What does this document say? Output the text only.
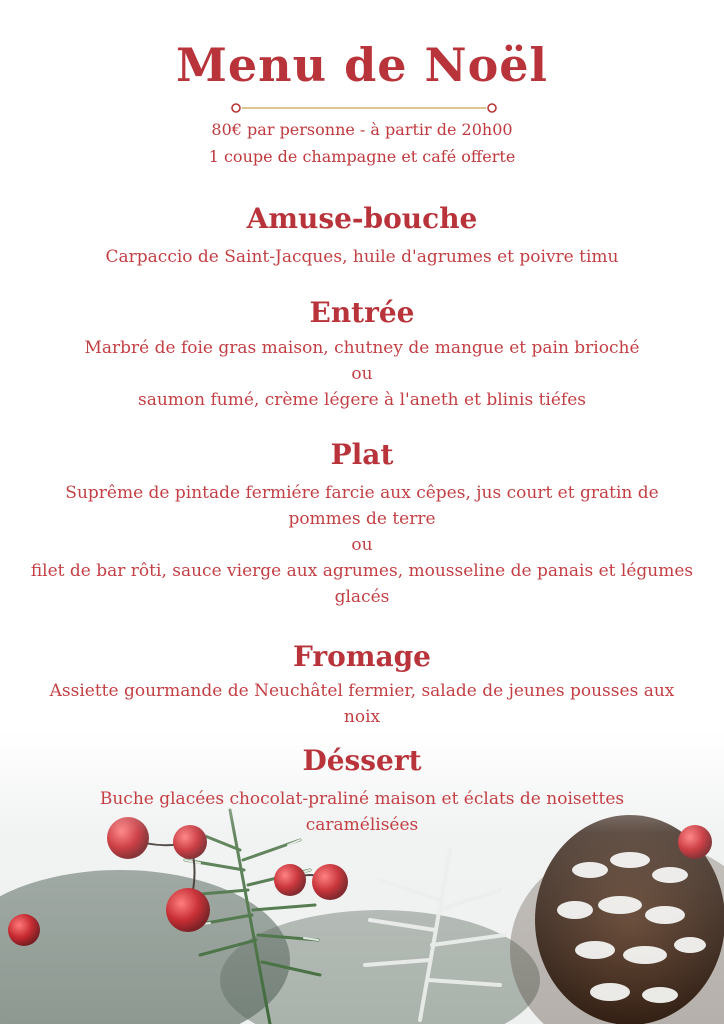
Menu de Noël
80€ par personne - à partir de 20h00
1 coupe de champagne et café offerte
Amuse-bouche
Carpaccio de Saint-Jacques, huile d'agrumes et poivre timu
Entrée
Marbré de foie gras maison, chutney de mangue et pain brioché
ou
saumon fumé, crème légere à l'aneth et blinis tiéfes
Plat
Suprême de pintade fermiére farcie aux cêpes, jus court et gratin de
pommes de terre
ou
filet de bar rôti, sauce vierge aux agrumes, mousseline de panais et légumes
glacés
Fromage
Assiette gourmande de Neuchâtel fermier, salade de jeunes pousses aux
noix
Déssert
Buche glacées chocolat-praliné maison et éclats de noisettes
caramélisées
